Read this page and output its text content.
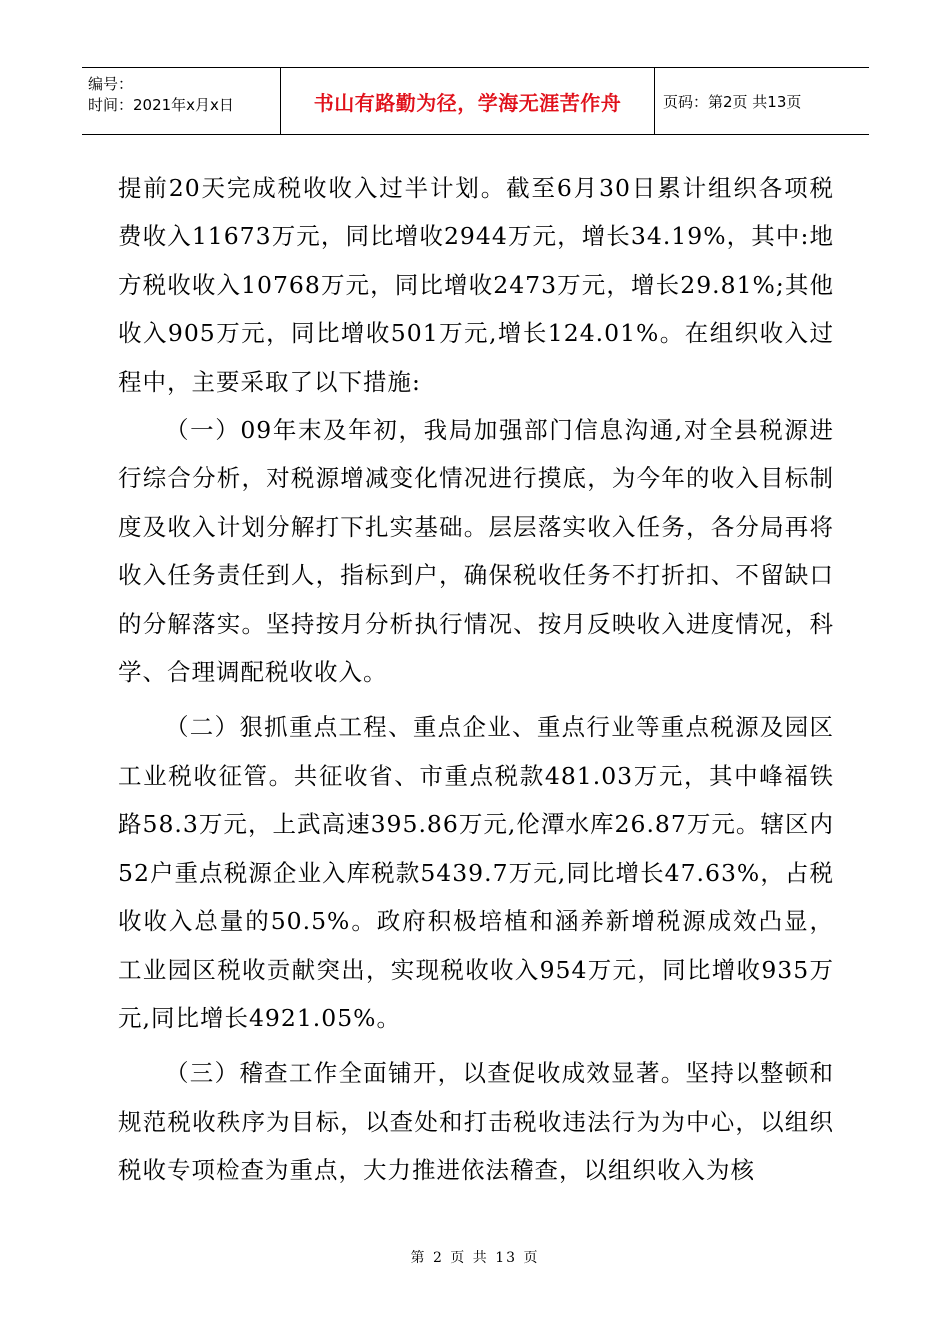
编号：
时间：2021年x月x日	书山有路勤为径，学海无涯苦作舟	页码：第2页 共13页

提前20天完成税收收入过半计划。截至6月30日累计组织各项税费收入11673万元，同比增收2944万元，增长34.19%，其中:地方税收收入10768万元，同比增收2473万元，增长29.81%;其他收入905万元，同比增收501万元,增长124.01%。在组织收入过程中，主要采取了以下措施:

（一）09年末及年初，我局加强部门信息沟通,对全县税源进行综合分析，对税源增减变化情况进行摸底，为今年的收入目标制度及收入计划分解打下扎实基础。层层落实收入任务，各分局再将收入任务责任到人，指标到户，确保税收任务不打折扣、不留缺口的分解落实。坚持按月分析执行情况、按月反映收入进度情况，科学、合理调配税收收入。

（二）狠抓重点工程、重点企业、重点行业等重点税源及园区工业税收征管。共征收省、市重点税款481.03万元，其中峰福铁路58.3万元，上武高速395.86万元,伦潭水库26.87万元。辖区内52户重点税源企业入库税款5439.7万元,同比增长47.63%，占税收收入总量的50.5%。政府积极培植和涵养新增税源成效凸显，工业园区税收贡献突出，实现税收收入954万元，同比增收935万元,同比增长4921.05%。

（三）稽查工作全面铺开，以查促收成效显著。坚持以整顿和规范税收秩序为目标，以查处和打击税收违法行为为中心，以组织税收专项检查为重点，大力推进依法稽查，以组织收入为核

第 2 页 共 13 页
